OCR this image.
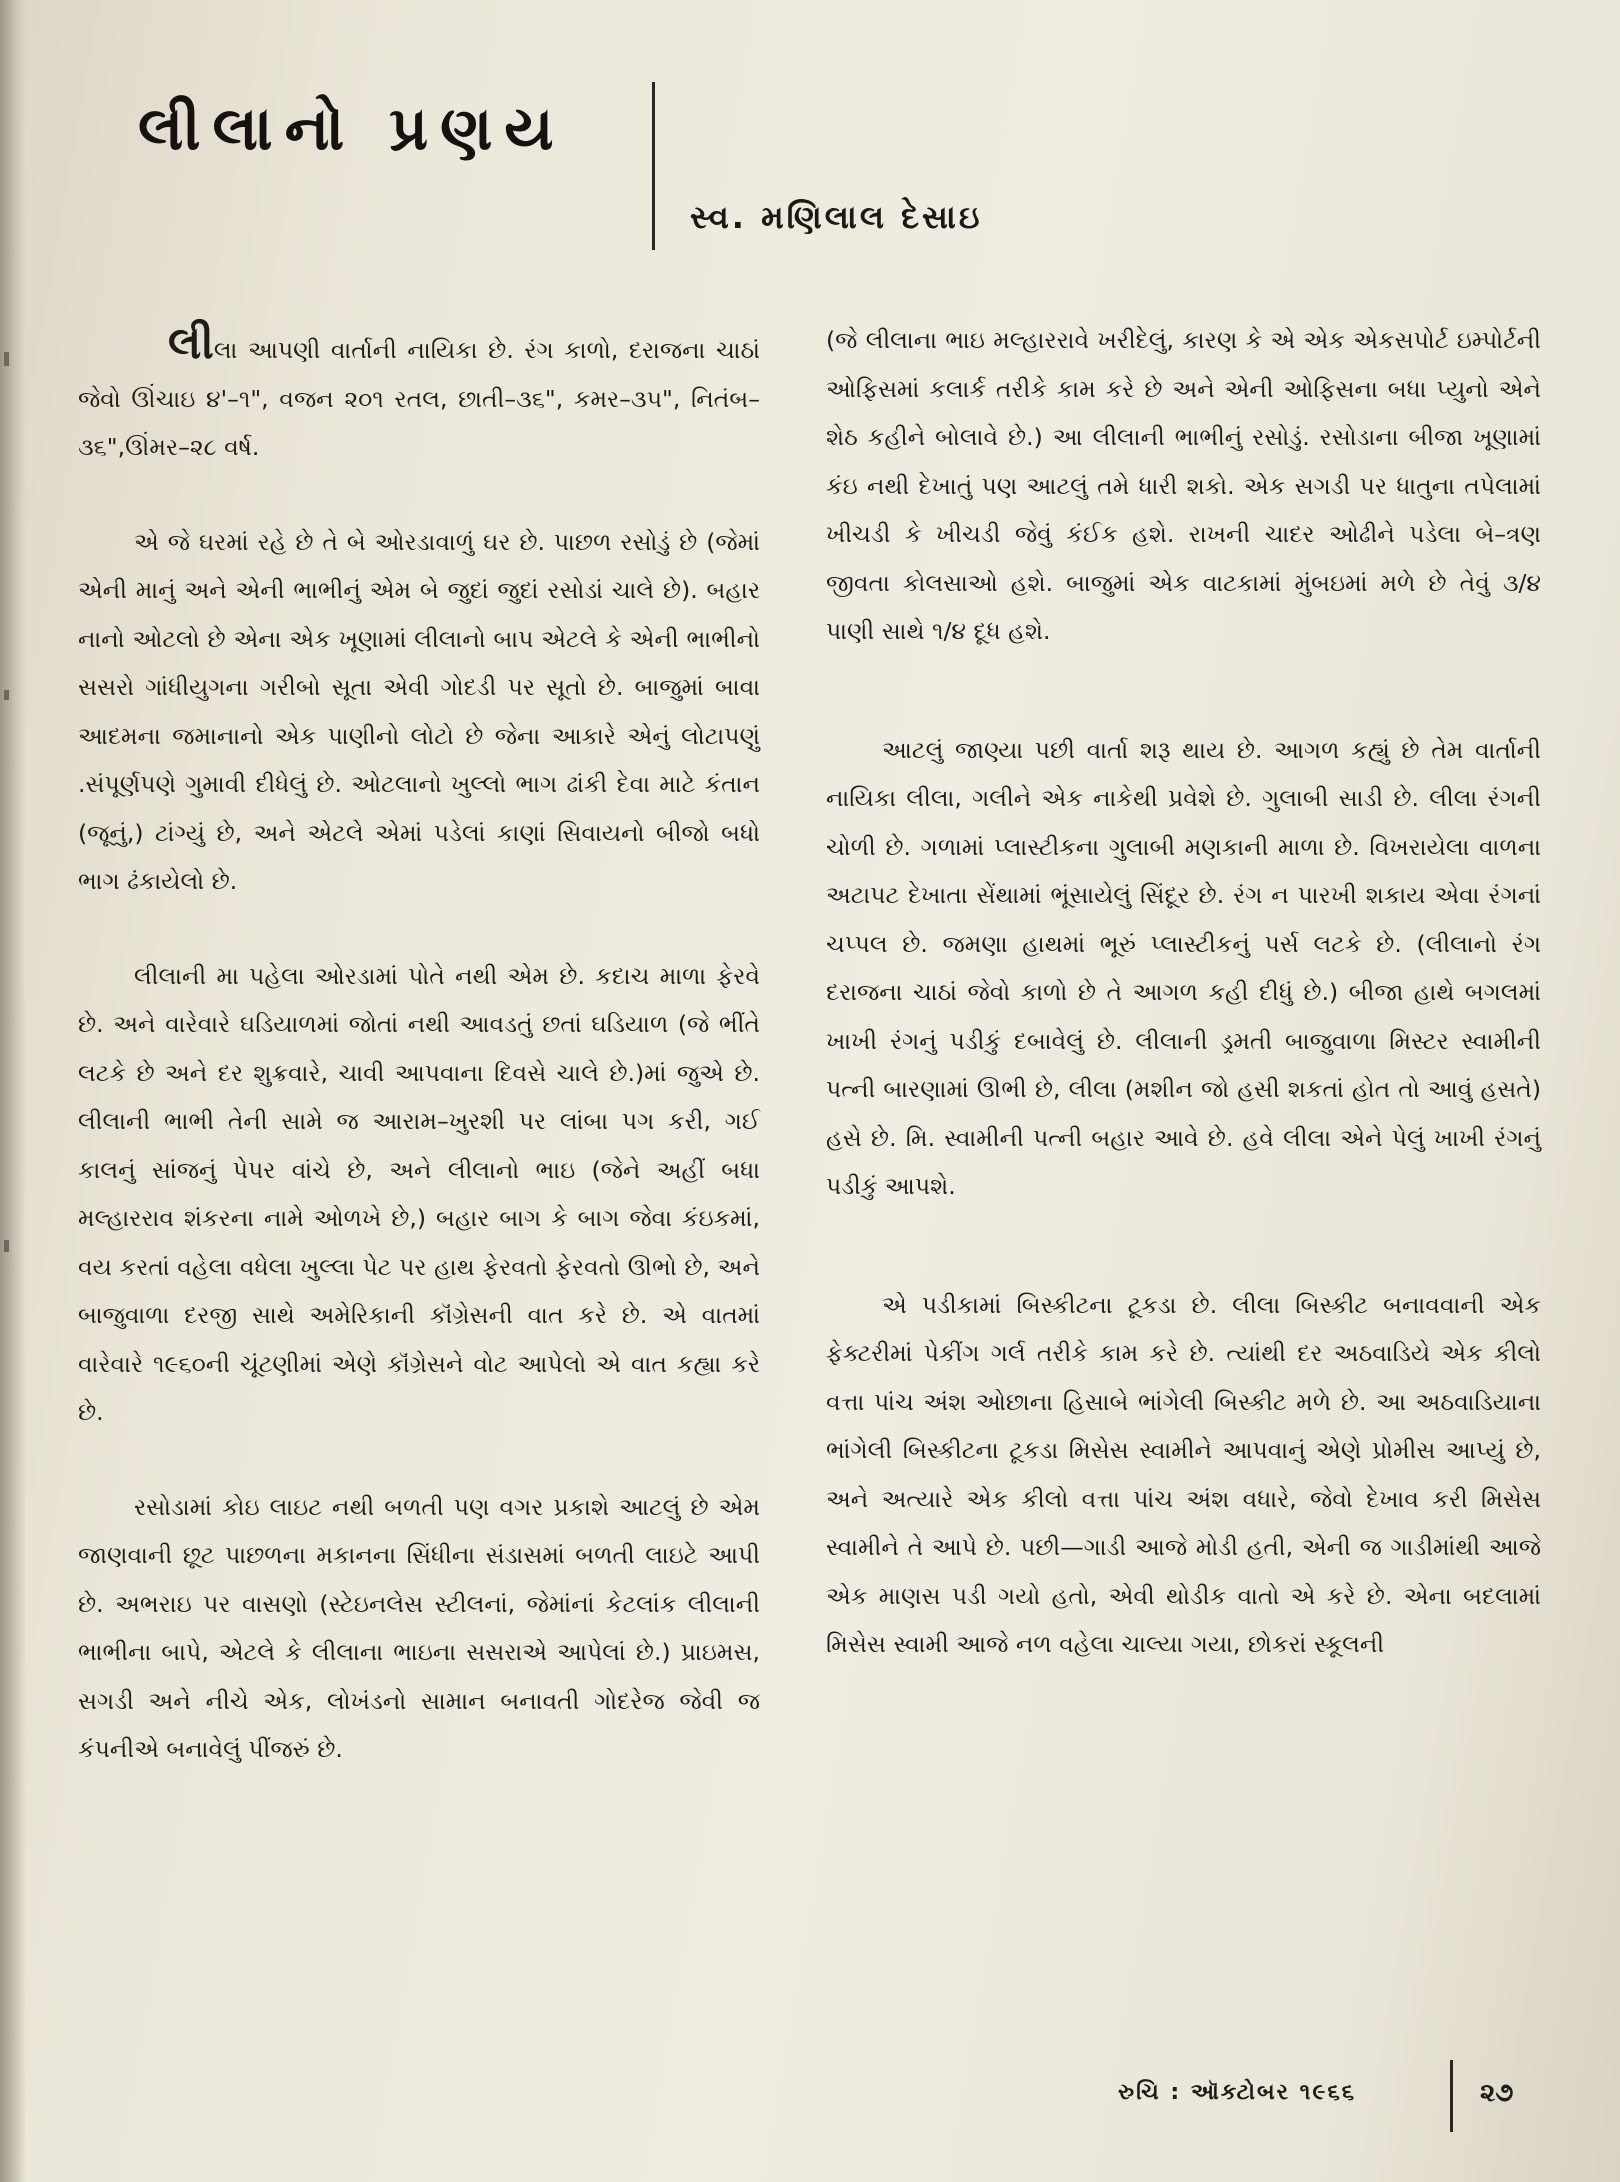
લીલાનો પ્રણય
સ્વ. મણિલાલ દેસાઇ

લીલા આપણી વાર્તાની નાયિકા છે. રંગ કાળો, દરાજના ચાઠાં જેવો ઊંચાઇ ૪'–૧", વજન ૨૦૧ રતલ, છાતી–૩૬", કમર–૩૫", નિતંબ–૩૬",ઊંમર–૨૮ વર્ષ.

એ જે ઘરમાં રહે છે તે બે ઓરડાવાળું ઘર છે. પાછળ રસોડું છે (જેમાં એની માનું અને એની ભાભીનું એમ બે જુદાં જુદાં રસોડાં ચાલે છે). બહાર નાનો ઓટલો છે એના એક ખૂણામાં લીલાનો બાપ એટલે કે એની ભાભીનો સસરો ગાંધીયુગના ગરીબો સૂતા એવી ગોદડી પર સૂતો છે. બાજુમાં બાવા આદમના જમાનાનો એક પાણીનો લોટો છે જેના આકારે એનું લોટાપણું .સંપૂર્ણપણે ગુમાવી દીધેલું છે. ઓટલાનો ખુલ્લો ભાગ ઢાંકી દેવા માટે કંતાન (જૂનું,) ટાંગ્યું છે, અને એટલે એમાં પડેલાં કાણાં સિવાયનો બીજો બધો ભાગ ઢંકાયેલો છે.

લીલાની મા પહેલા ઓરડામાં પોતે નથી એમ છે. કદાચ માળા ફેરવે છે. અને વારેવારે ઘડિયાળમાં જોતાં નથી આવડતું છતાં ઘડિયાળ (જે ભીંતે લટકે છે અને દર શુક્રવારે, ચાવી આપવાના દિવસે ચાલે છે.)માં જુએ છે. લીલાની ભાભી તેની સામે જ આરામ–ખુરશી પર લાંબા પગ કરી, ગઈ કાલનું સાંજનું પેપર વાંચે છે, અને લીલાનો ભાઇ (જેને અહીં બધા મલ્હારરાવ શંકરના નામે ઓળખે છે,) બહાર બાગ કે બાગ જેવા કંઇકમાં, વય કરતાં વહેલા વધેલા ખુલ્લા પેટ પર હાથ ફેરવતો ફેરવતો ઊભો છે, અને બાજુવાળા દરજી સાથે અમેરિકાની કૉંગ્રેસની વાત કરે છે. એ વાતમાં વારેવારે ૧૯૬૦ની ચૂંટણીમાં એણે કૉંગ્રેસને વોટ આપેલો એ વાત કહ્યા કરે છે.

રસોડામાં કોઇ લાઇટ નથી બળતી પણ વગર પ્રકાશે આટલું છે એમ જાણવાની છૂટ પાછળના મકાનના સિંધીના સંડાસમાં બળતી લાઇટે આપી છે. અભરાઇ પર વાસણો (સ્ટેઇનલેસ સ્ટીલનાં, જેમાંનાં કેટલાંક લીલાની ભાભીના બાપે, એટલે કે લીલાના ભાઇના સસરાએ આપેલાં છે.) પ્રાઇમસ, સગડી અને નીચે એક, લોખંડનો સામાન બનાવતી ગોદરેજ જેવી જ કંપનીએ બનાવેલું પીંજરું છે.

(જે લીલાના ભાઇ મલ્હારરાવે ખરીદેલું, કારણ કે એ એક એકસપોર્ટ ઇમ્પોર્ટની ઓફિસમાં કલાર્ક તરીકે કામ કરે છે અને એની ઓફિસના બધા પ્યુનો એને શેઠ કહીને બોલાવે છે.) આ લીલાની ભાભીનું રસોડું. રસોડાના બીજા ખૂણામાં કંઇ નથી દેખાતું પણ આટલું તમે ધારી શકો. એક સગડી પર ધાતુના તપેલામાં ખીચડી કે ખીચડી જેવું કંઈક હશે. રાખની ચાદર ઓઢીને પડેલા બે–ત્રણ જીવતા કોલસાઓ હશે. બાજુમાં એક વાટકામાં મુંબઇમાં મળે છે તેવું ૩/૪ પાણી સાથે ૧/૪ દૂધ હશે.

આટલું જાણ્યા પછી વાર્તા શરૂ થાય છે. આગળ કહ્યું છે તેમ વાર્તાની નાયિકા લીલા, ગલીને એક નાકેથી પ્રવેશે છે. ગુલાબી સાડી છે. લીલા રંગની ચોળી છે. ગળામાં પ્લાસ્ટીકના ગુલાબી મણકાની માળા છે. વિખરાયેલા વાળના અટાપટ દેખાતા સેંથામાં ભૂંસાયેલું સિંદૂર છે. રંગ ન પારખી શકાય એવા રંગનાં ચપ્પલ છે. જમણા હાથમાં ભૂરું પ્લાસ્ટીકનું પર્સ લટકે છે. (લીલાનો રંગ દરાજના ચાઠાં જેવો કાળો છે તે આગળ કહી દીધું છે.) બીજા હાથે બગલમાં ખાખી રંગનું પડીકું દબાવેલું છે. લીલાની ડ્રમતી બાજુવાળા મિસ્ટર સ્વામીની પત્ની બારણામાં ઊભી છે, લીલા (મશીન જો હસી શકતાં હોત તો આવું હસતે) હસે છે. મિ. સ્વામીની પત્ની બહાર આવે છે. હવે લીલા એને પેલું ખાખી રંગનું પડીકું આપશે.

એ પડીકામાં બિસ્કીટના ટૂકડા છે. લીલા બિસ્કીટ બનાવવાની એક ફેક્ટરીમાં પેકીંગ ગર્લ તરીકે કામ કરે છે. ત્યાંથી દર અઠવાડિયે એક કીલો વત્તા પાંચ અંશ ઓછાના હિસાબે ભાંગેલી બિસ્કીટ મળે છે. આ અઠવાડિયાના ભાંગેલી બિસ્કીટના ટૂકડા મિસેસ સ્વામીને આપવાનું એણે પ્રોમીસ આપ્યું છે, અને અત્યારે એક કીલો વત્તા પાંચ અંશ વધારે, જેવો દેખાવ કરી મિસેસ સ્વામીને તે આપે છે. પછી—ગાડી આજે મોડી હતી, એની જ ગાડીમાંથી આજે એક માણસ પડી ગયો હતો, એવી થોડીક વાતો એ કરે છે. એના બદલામાં મિસેસ સ્વામી આજે નળ વહેલા ચાલ્યા ગયા, છોકરાં સ્કૂલની

રુચિ : ઑક્ટોબર ૧૯૬૬	૨૭
